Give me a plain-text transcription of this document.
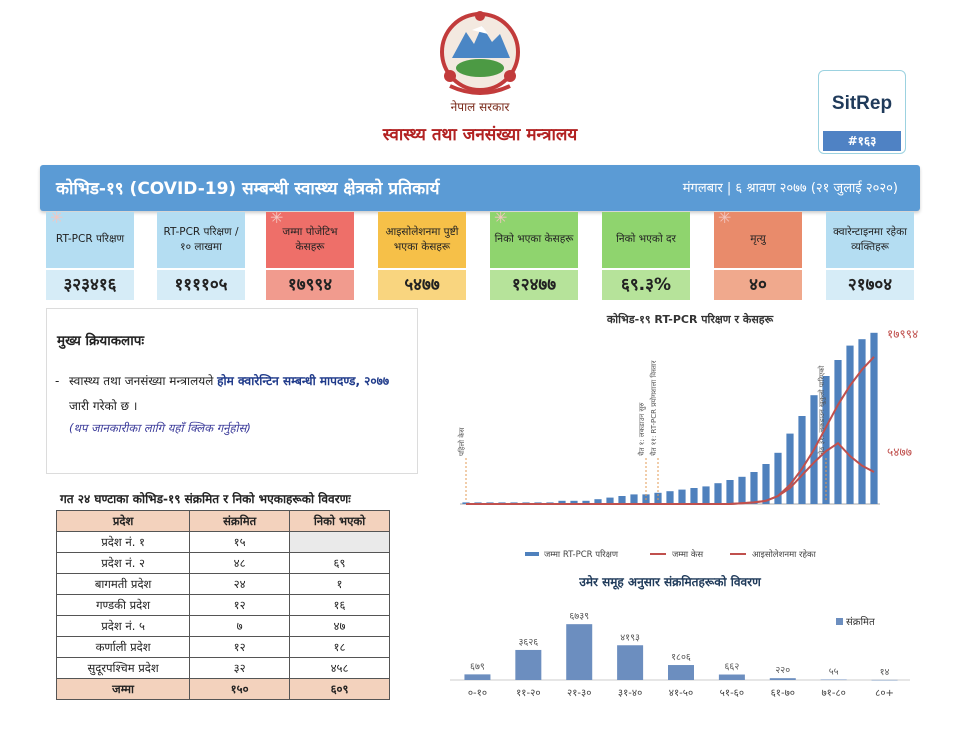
नेपाल सरकार
स्वास्थ्य तथा जनसंख्या मन्त्रालय
SitRep
#१६३
कोभिड-१९ (COVID-19) सम्बन्धी स्वास्थ्य क्षेत्रको प्रतिकार्य	मंगलबार | ६ श्रावण २०७७ (२१ जुलाई २०२०)
RT-PCR परिक्षण
३२३४१६
✳
RT-PCR परिक्षण /१० लाखमा
११११०५
जम्मा पोजेटिभ केसहरू
१७९९४
✳
आइसोलेशनमा पुष्टी भएका केसहरू
५४७७
निको भएका केसहरू
१२४७७
✳
निको भएको दर
६९.३%
मृत्यु
४०
✳
क्वारेन्टाइनमा रहेका व्यक्तिहरू
२१७०४
मुख्य क्रियाकलापः
- स्वास्थ्य तथा जनसंख्या मन्त्रालयले होम क्वारेन्टिन सम्बन्धी मापदण्ड, २०७७ जारी गरेको छ ।
(थप जानकारीका लागि यहाँ क्लिक गर्नुहोस)
गत २४ घण्टाका कोभिड-१९ संक्रमित र निको भएकाहरूको विवरणः
प्रदेश	संक्रमित	निको भएको
प्रदेश नं. १	१५	
प्रदेश नं. २	४८	६९
बागमती प्रदेश	२४	१
गण्डकी प्रदेश	१२	१६
प्रदेश नं. ५	७	४७
कर्णाली प्रदेश	१२	१८
सुदूरपश्चिम प्रदेश	३२	४५८
जम्मा	१५०	६०९
कोभिड-१९ RT-PCR परिक्षण र केसहरू
पहिलो केस	चैत १: लकडाउन सुरु चैत ११: RT-PCR प्रयोगशाला विस्तार	जेठ ३१: लकडाउन खुकुलो पारिएको
१७९९४
५४७७
जम्मा RT-PCR परिक्षण	जम्मा केस	आइसोलेशनमा रहेका
उमेर समूह अनुसार संक्रमितहरूको विवरण
संक्रमित
६७९
०-१०
३६२६
११-२०
६७३९
२१-३०
४१९३
३१-४०
१८०६
४१-५०
६६२
५१-६०
२२०
६१-७०
५५
७१-८०
१४
८०+
